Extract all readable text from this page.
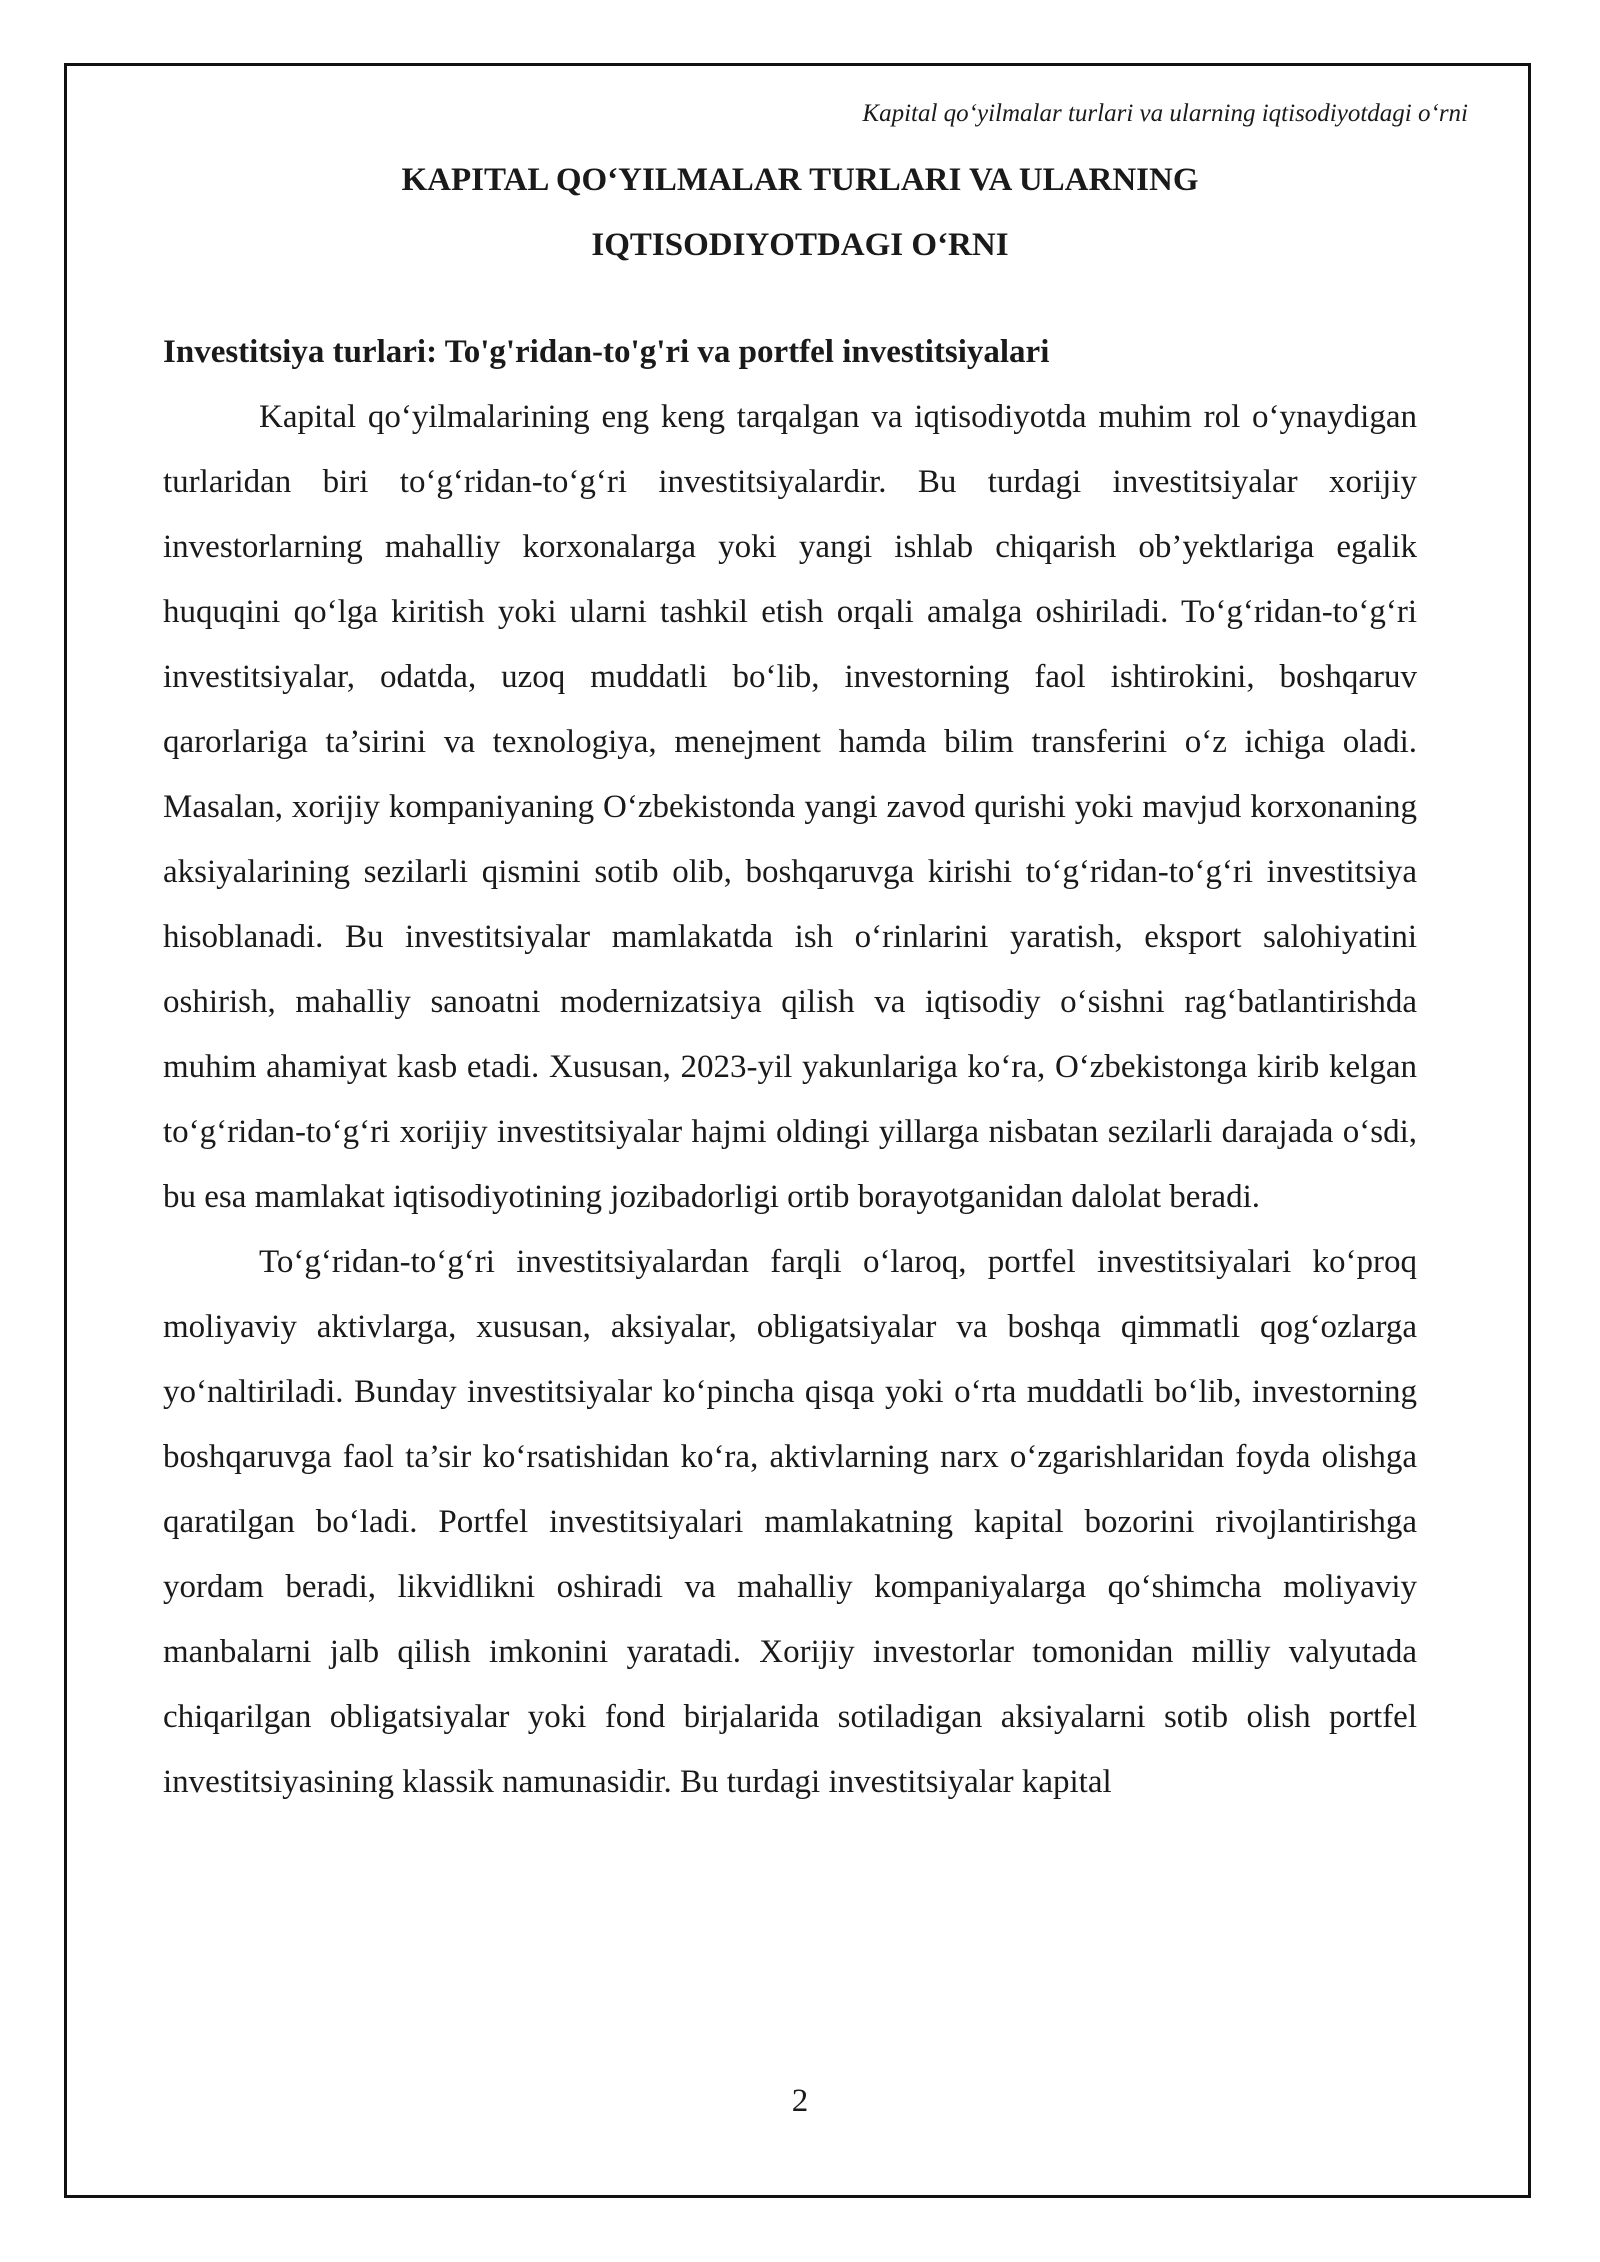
Kapital qo‘yilmalar turlari va ularning iqtisodiyotdagi o‘rni
KAPITAL QO‘YILMALAR TURLARI VA ULARNING
IQTISODIYOTDAGI O‘RNI
Investitsiya turlari: To'g'ridan-to'g'ri va portfel investitsiyalari

Kapital qo‘yilmalarining eng keng tarqalgan va iqtisodiyotda muhim rol o‘ynaydigan turlaridan biri to‘g‘ridan-to‘g‘ri investitsiyalardir. Bu turdagi investitsiyalar xorijiy investorlarning mahalliy korxonalarga yoki yangi ishlab chiqarish ob’yektlariga egalik huquqini qo‘lga kiritish yoki ularni tashkil etish orqali amalga oshiriladi. To‘g‘ridan-to‘g‘ri investitsiyalar, odatda, uzoq muddatli bo‘lib, investorning faol ishtirokini, boshqaruv qarorlariga ta’sirini va texnologiya, menejment hamda bilim transferini o‘z ichiga oladi. Masalan, xorijiy kompaniyaning O‘zbekistonda yangi zavod qurishi yoki mavjud korxonaning aksiyalarining sezilarli qismini sotib olib, boshqaruvga kirishi to‘g‘ridan-to‘g‘ri investitsiya hisoblanadi. Bu investitsiyalar mamlakatda ish o‘rinlarini yaratish, eksport salohiyatini oshirish, mahalliy sanoatni modernizatsiya qilish va iqtisodiy o‘sishni rag‘batlantirishda muhim ahamiyat kasb etadi. Xususan, 2023-yil yakunlariga ko‘ra, O‘zbekistonga kirib kelgan to‘g‘ridan-to‘g‘ri xorijiy investitsiyalar hajmi oldingi yillarga nisbatan sezilarli darajada o‘sdi, bu esa mamlakat iqtisodiyotining jozibadorligi ortib borayotganidan dalolat beradi.

To‘g‘ridan-to‘g‘ri investitsiyalardan farqli o‘laroq, portfel investitsiyalari ko‘proq moliyaviy aktivlarga, xususan, aksiyalar, obligatsiyalar va boshqa qimmatli qog‘ozlarga yo‘naltiriladi. Bunday investitsiyalar ko‘pincha qisqa yoki o‘rta muddatli bo‘lib, investorning boshqaruvga faol ta’sir ko‘rsatishidan ko‘ra, aktivlarning narx o‘zgarishlaridan foyda olishga qaratilgan bo‘ladi. Portfel investitsiyalari mamlakatning kapital bozorini rivojlantirishga yordam beradi, likvidlikni oshiradi va mahalliy kompaniyalarga qo‘shimcha moliyaviy manbalarni jalb qilish imkonini yaratadi. Xorijiy investorlar tomonidan milliy valyutada chiqarilgan obligatsiyalar yoki fond birjalarida sotiladigan aksiyalarni sotib olish portfel investitsiyasining klassik namunasidir. Bu turdagi investitsiyalar kapital

2
